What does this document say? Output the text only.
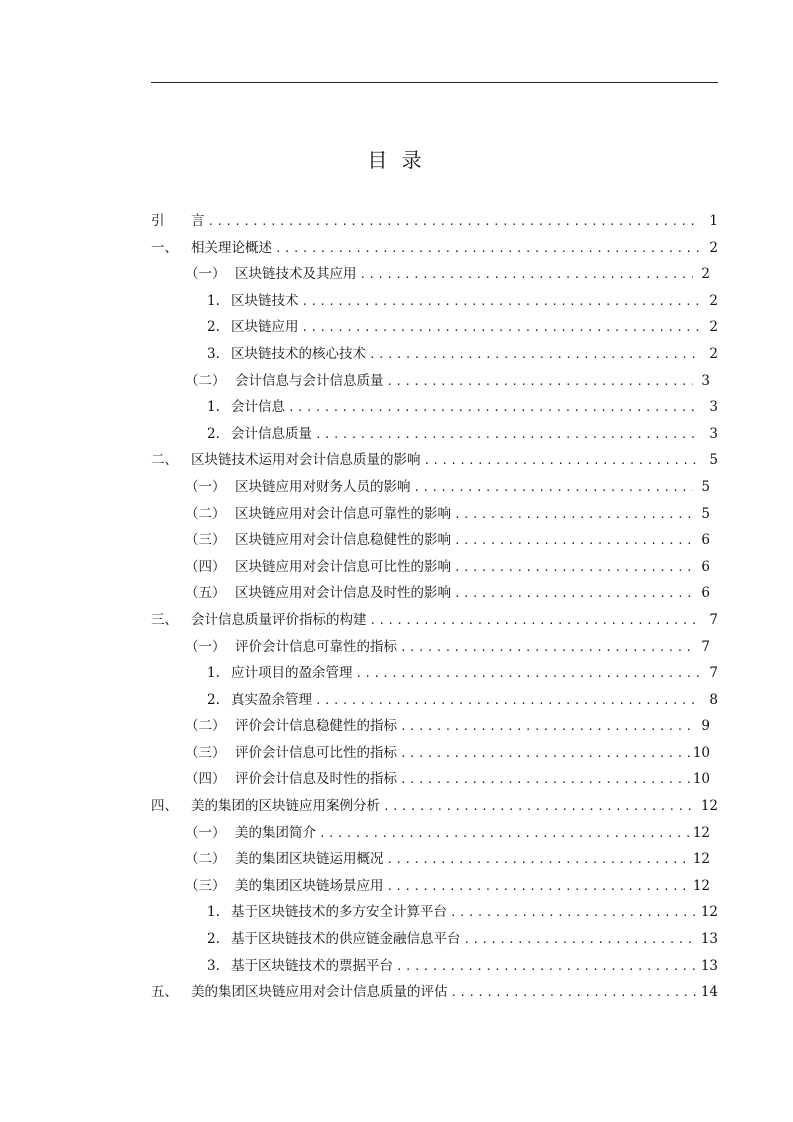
目 录
引	言 .....	1
一、 相关理论概述 .....	2
（一） 区块链技术及其应用 .....	2
1. 区块链技术 .....	2
2. 区块链应用 .....	2
3. 区块链技术的核心技术 .....	2
（二） 会计信息与会计信息质量 .....	3
1. 会计信息 .....	3
2. 会计信息质量 .....	3
二、 区块链技术运用对会计信息质量的影响 .....	5
（一） 区块链应用对财务人员的影响 .....	5
（二） 区块链应用对会计信息可靠性的影响 .....	5
（三） 区块链应用对会计信息稳健性的影响 .....	6
（四） 区块链应用对会计信息可比性的影响 .....	6
（五） 区块链应用对会计信息及时性的影响 .....	6
三、 会计信息质量评价指标的构建 .....	7
（一） 评价会计信息可靠性的指标 .....	7
1. 应计项目的盈余管理 .....	7
2. 真实盈余管理 .....	8
（二） 评价会计信息稳健性的指标 .....	9
（三） 评价会计信息可比性的指标 .....	10
（四） 评价会计信息及时性的指标 .....	10
四、 美的集团的区块链应用案例分析 .....	12
（一） 美的集团简介 .....	12
（二） 美的集团区块链运用概况 .....	12
（三） 美的集团区块链场景应用 .....	12
1. 基于区块链技术的多方安全计算平台 .....	12
2. 基于区块链技术的供应链金融信息平台 .....	13
3. 基于区块链技术的票据平台 .....	13
五、 美的集团区块链应用对会计信息质量的评估 .....	14
